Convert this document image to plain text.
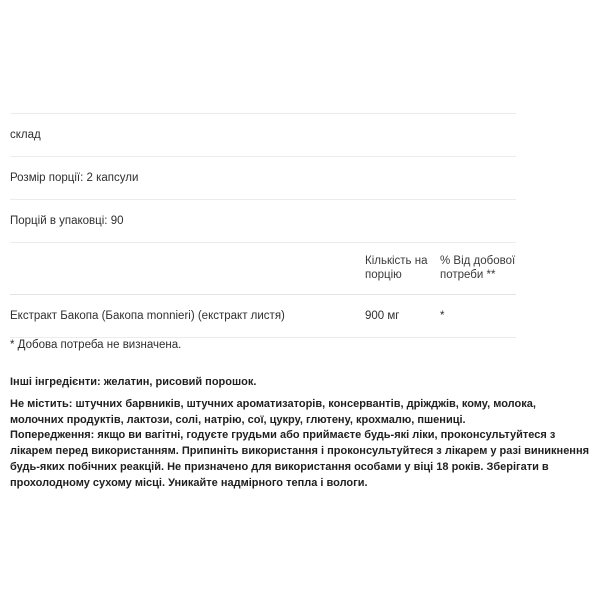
склад
Розмір порції: 2 капсули
Порцій в упаковці: 90
Кількість на порцію
% Від добової потреби **
Екстракт Бакопа (Бакопа monnieri) (екстракт листя)	900 мг	*
* Добова потреба не визначена.
Інші інгредієнти: желатин, рисовий порошок.
Не містить: штучних барвників, штучних ароматизаторів, консервантів, дріжджів, кому, молока, молочних продуктів, лактози, солі, натрію, сої, цукру, глютену, крохмалю, пшениці.
Попередження: якщо ви вагітні, годуєте грудьми або приймаєте будь-які ліки, проконсультуйтеся з лікарем перед використанням. Припиніть використання і проконсультуйтеся з лікарем у разі виникнення будь-яких побічних реакцій. Не призначено для використання особами у віці 18 років. Зберігати в прохолодному сухому місці. Уникайте надмірного тепла і вологи.
